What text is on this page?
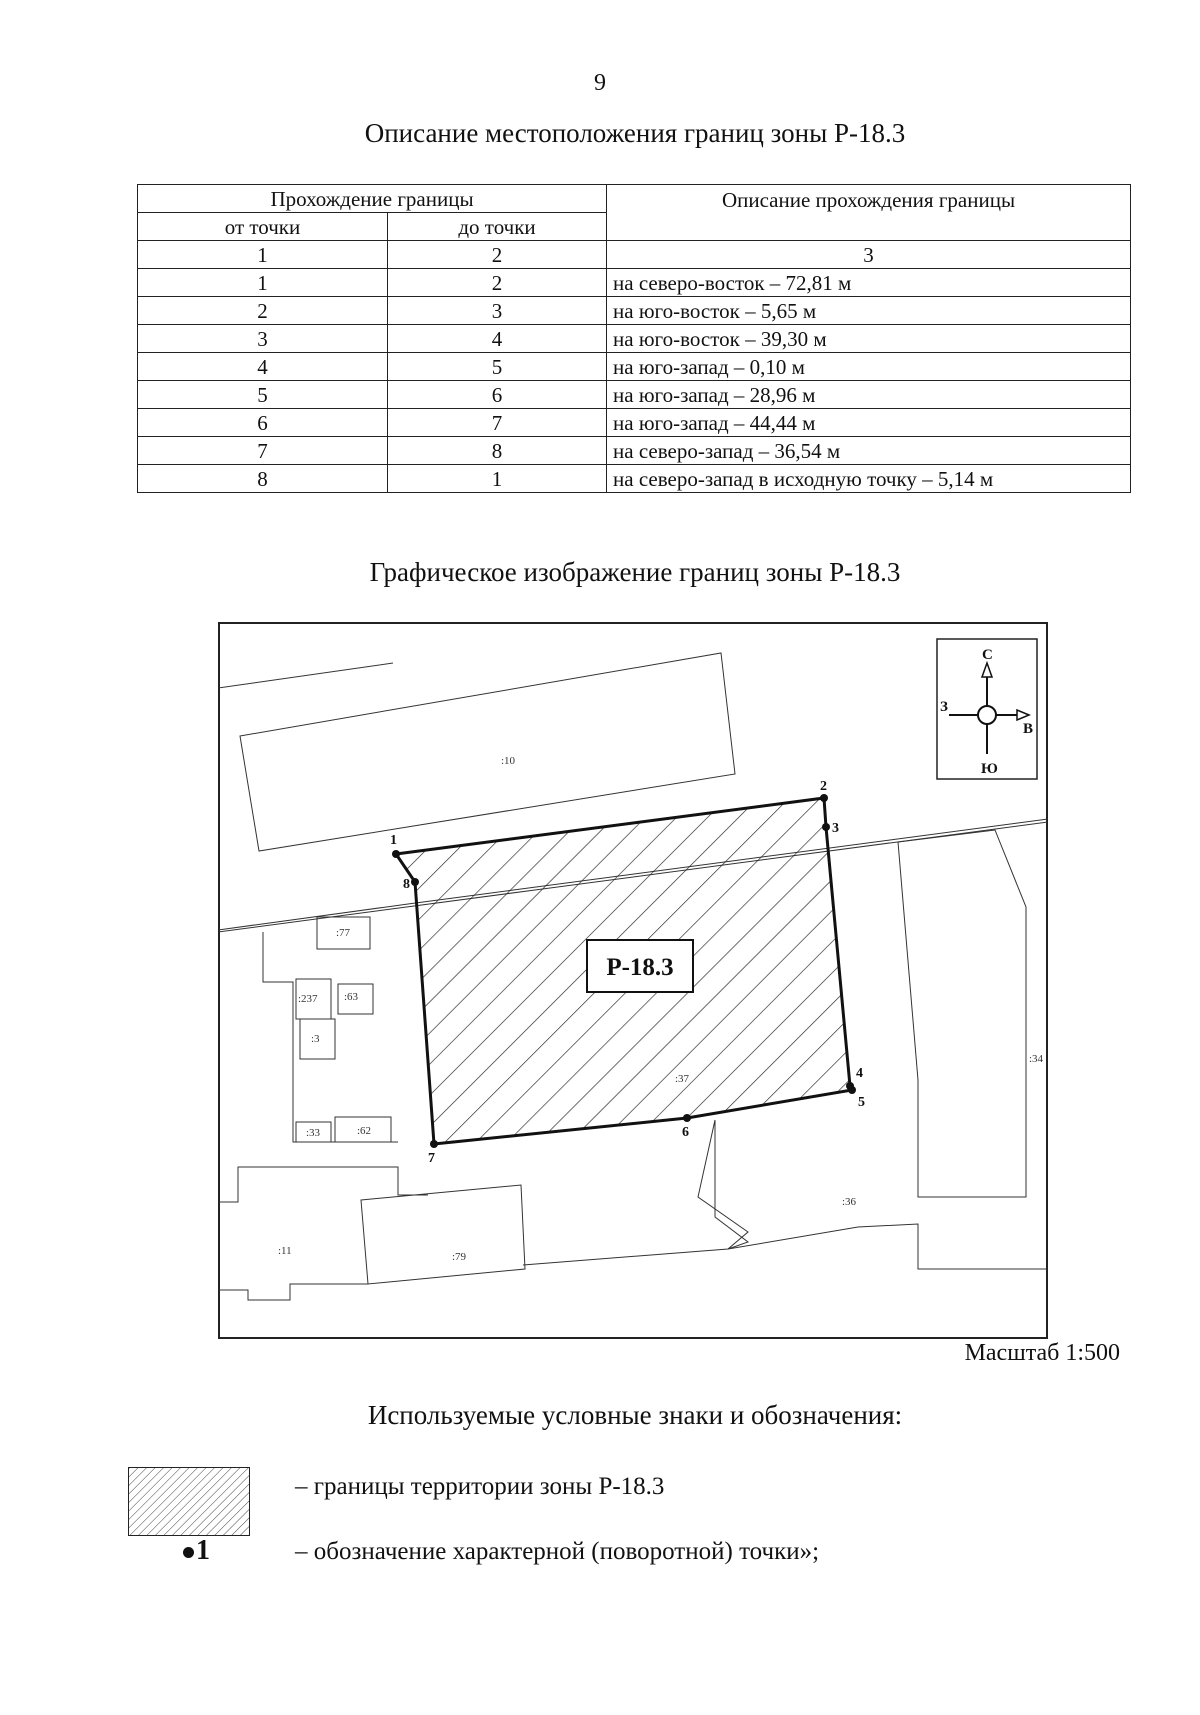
9
Описание местоположения границ зоны Р-18.3
Прохождение границы		Описание прохождения границы
от точки	до точки	
1	2	3
1	2	на северо-восток – 72,81 м
2	3	на юго-восток – 5,65 м
3	4	на юго-восток – 39,30 м
4	5	на юго-запад – 0,10 м
5	6	на юго-запад – 28,96 м
6	7	на юго-запад – 44,44 м
7	8	на северо-запад – 36,54 м
8	1	на северо-запад в исходную точку – 5,14 м
Графическое изображение границ зоны Р-18.3
Р-18.3
:10
:77
:237 :63
:3
:33	:62
:37
:34
:36
:11	:79
1
2
3
4
5
6
7
8
С
Ю
З
В
Масштаб 1:500
Используемые условные знаки и обозначения:
– границы территории зоны Р-18.3
1	– обозначение характерной (поворотной) точки»;
